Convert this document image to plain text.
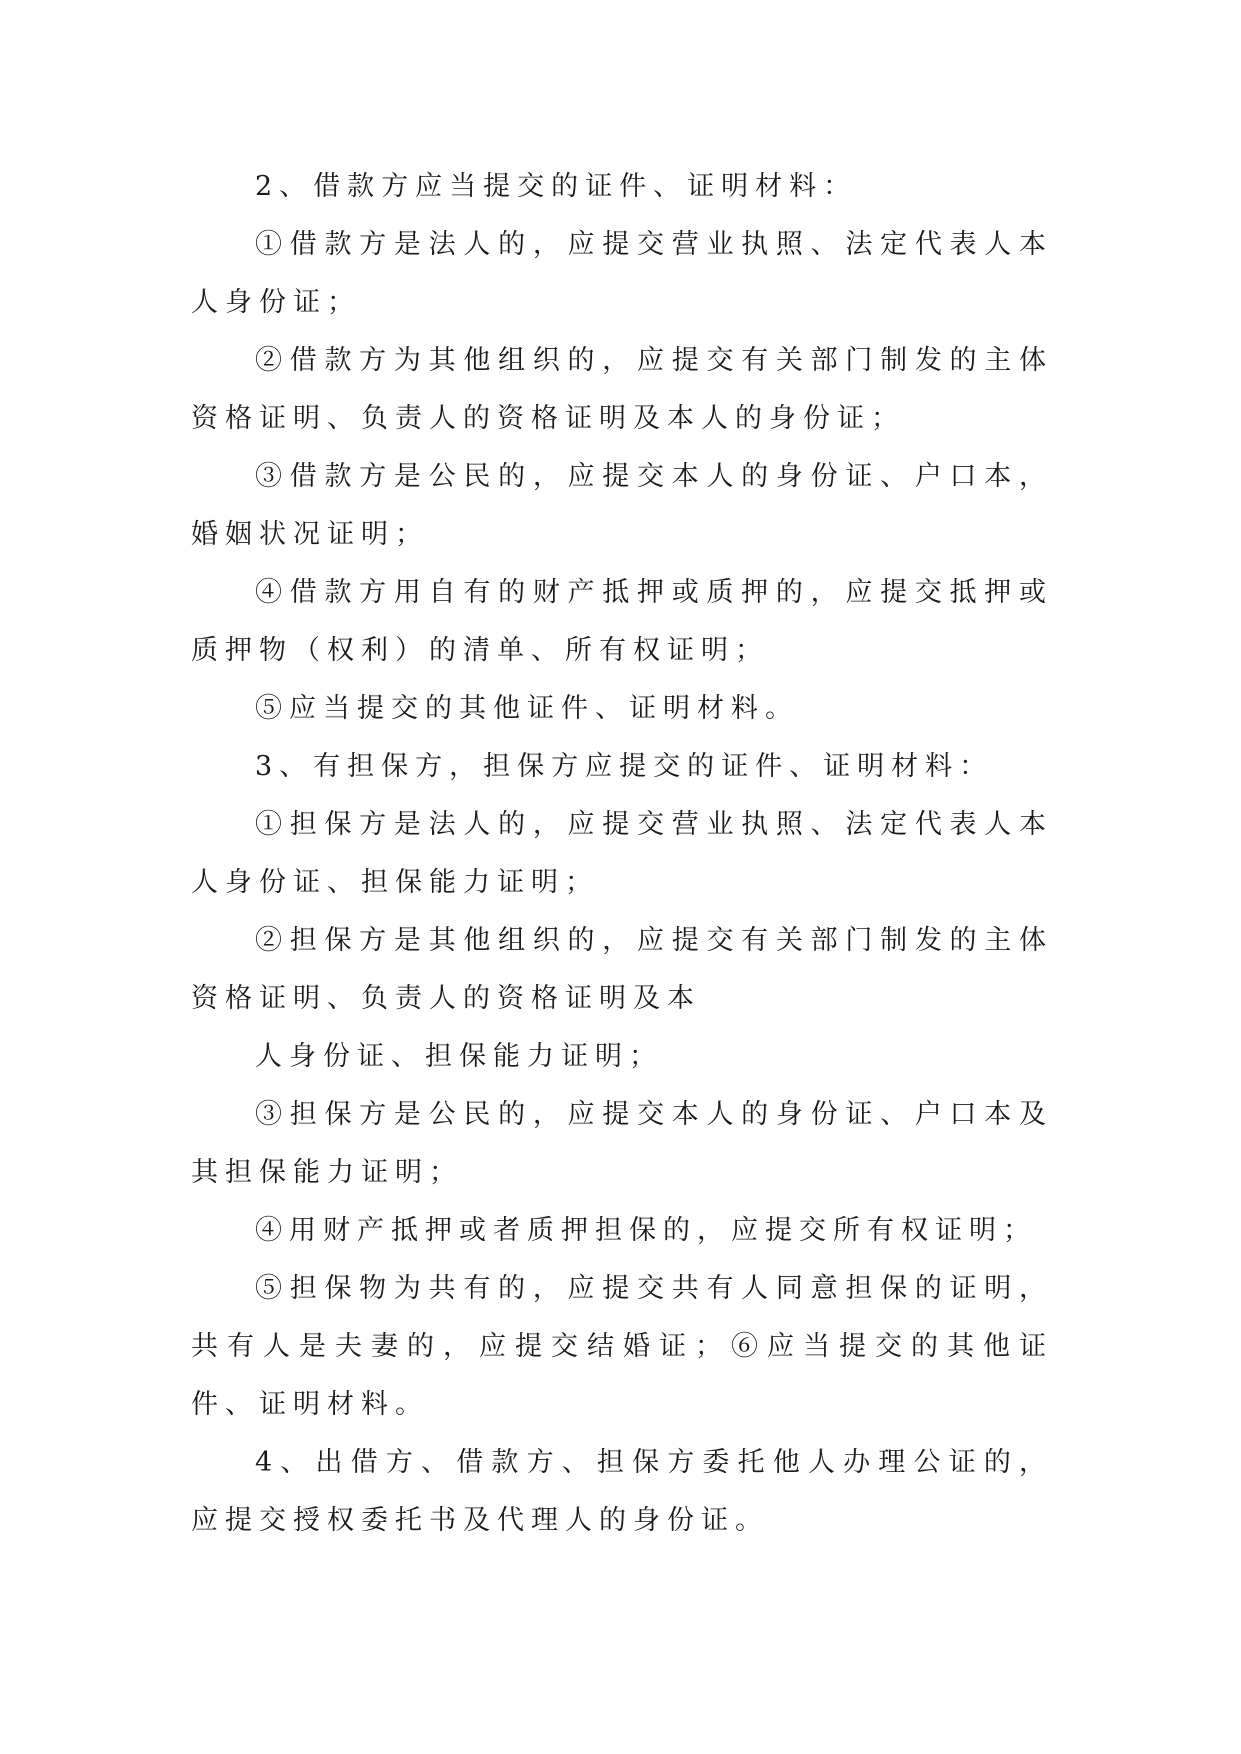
2、借款方应当提交的证件、证明材料：

①借款方是法人的，应提交营业执照、法定代表人本人身份证；

②借款方为其他组织的，应提交有关部门制发的主体资格证明、负责人的资格证明及本人的身份证；

③借款方是公民的，应提交本人的身份证、户口本，婚姻状况证明；

④借款方用自有的财产抵押或质押的，应提交抵押或质押物（权利）的清单、所有权证明；

⑤应当提交的其他证件、证明材料。

3、有担保方，担保方应提交的证件、证明材料：

①担保方是法人的，应提交营业执照、法定代表人本人身份证、担保能力证明；

②担保方是其他组织的，应提交有关部门制发的主体资格证明、负责人的资格证明及本

人身份证、担保能力证明；

③担保方是公民的，应提交本人的身份证、户口本及其担保能力证明；

④用财产抵押或者质押担保的，应提交所有权证明；

⑤担保物为共有的，应提交共有人同意担保的证明，共有人是夫妻的，应提交结婚证；⑥应当提交的其他证件、证明材料。

4、出借方、借款方、担保方委托他人办理公证的，应提交授权委托书及代理人的身份证。
